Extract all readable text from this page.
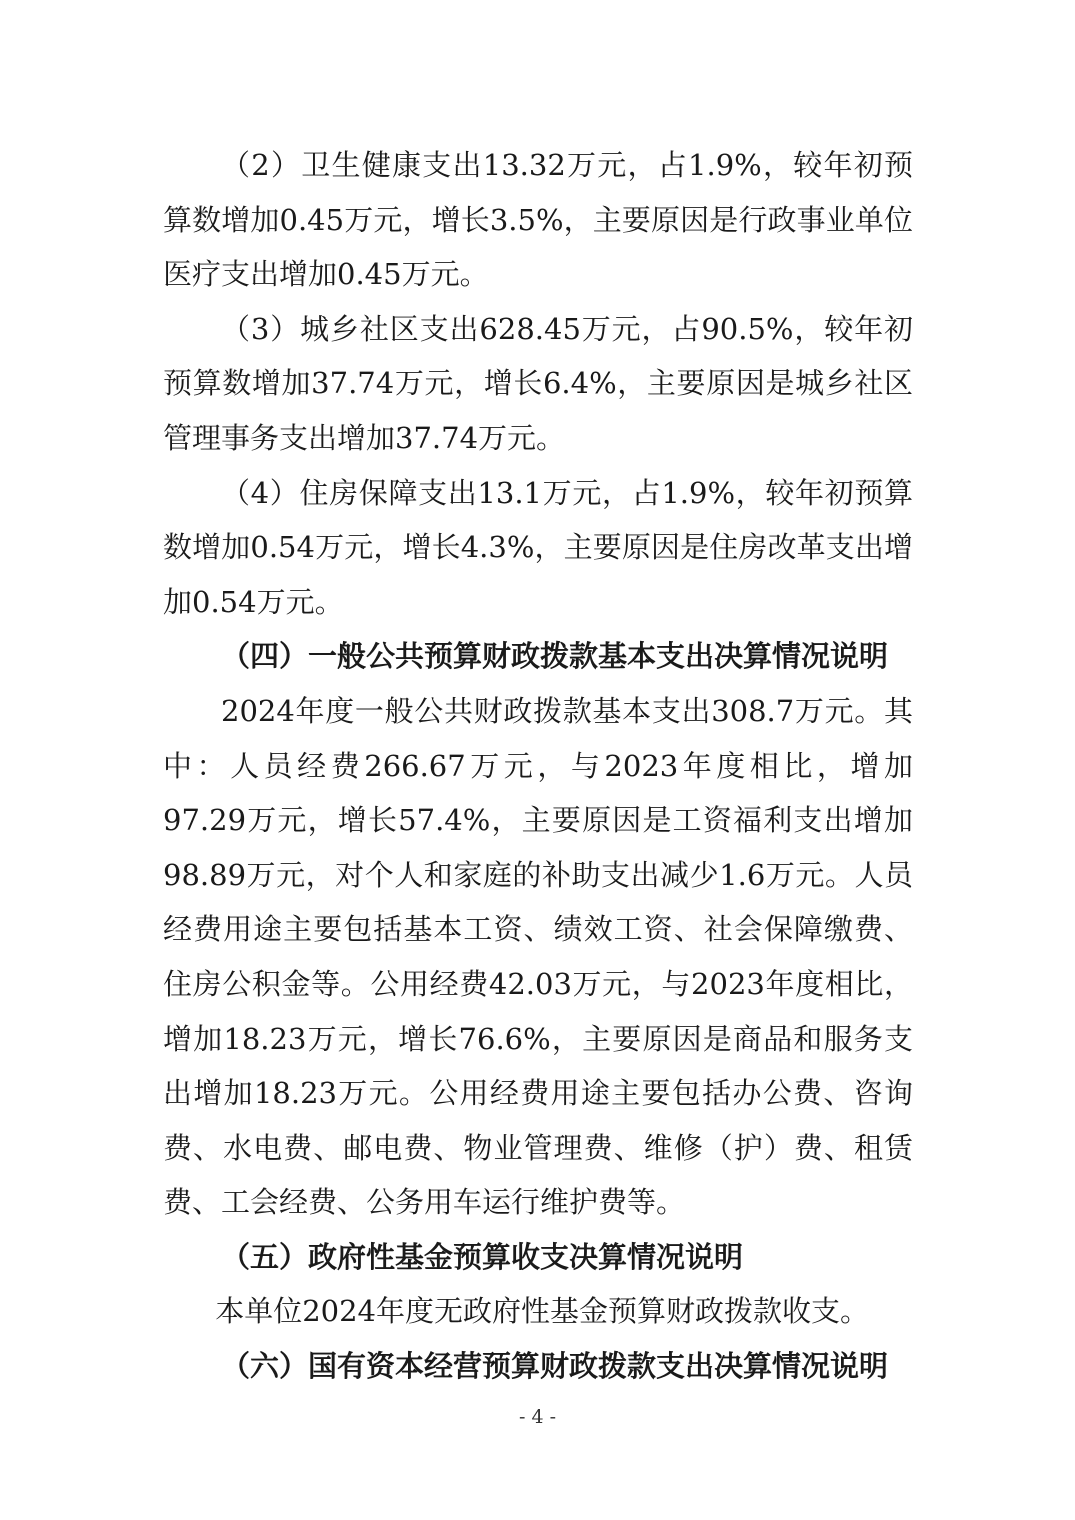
（2）卫生健康支出13.32万元，占1.9%，较年初预算数增加0.45万元，增长3.5%，主要原因是行政事业单位医疗支出增加0.45万元。

（3）城乡社区支出628.45万元，占90.5%，较年初预算数增加37.74万元，增长6.4%，主要原因是城乡社区管理事务支出增加37.74万元。

（4）住房保障支出13.1万元，占1.9%，较年初预算数增加0.54万元，增长4.3%，主要原因是住房改革支出增加0.54万元。

（四）一般公共预算财政拨款基本支出决算情况说明

2024年度一般公共财政拨款基本支出308.7万元。其中：人员经费266.67万元，与2023年度相比，增加97.29万元，增长57.4%，主要原因是工资福利支出增加98.89万元，对个人和家庭的补助支出减少1.6万元。人员经费用途主要包括基本工资、绩效工资、社会保障缴费、住房公积金等。公用经费42.03万元，与2023年度相比，增加18.23万元，增长76.6%，主要原因是商品和服务支出增加18.23万元。公用经费用途主要包括办公费、咨询费、水电费、邮电费、物业管理费、维修（护）费、租赁费、工会经费、公务用车运行维护费等。

（五）政府性基金预算收支决算情况说明

本单位2024年度无政府性基金预算财政拨款收支。

（六）国有资本经营预算财政拨款支出决算情况说明

- 4 -
